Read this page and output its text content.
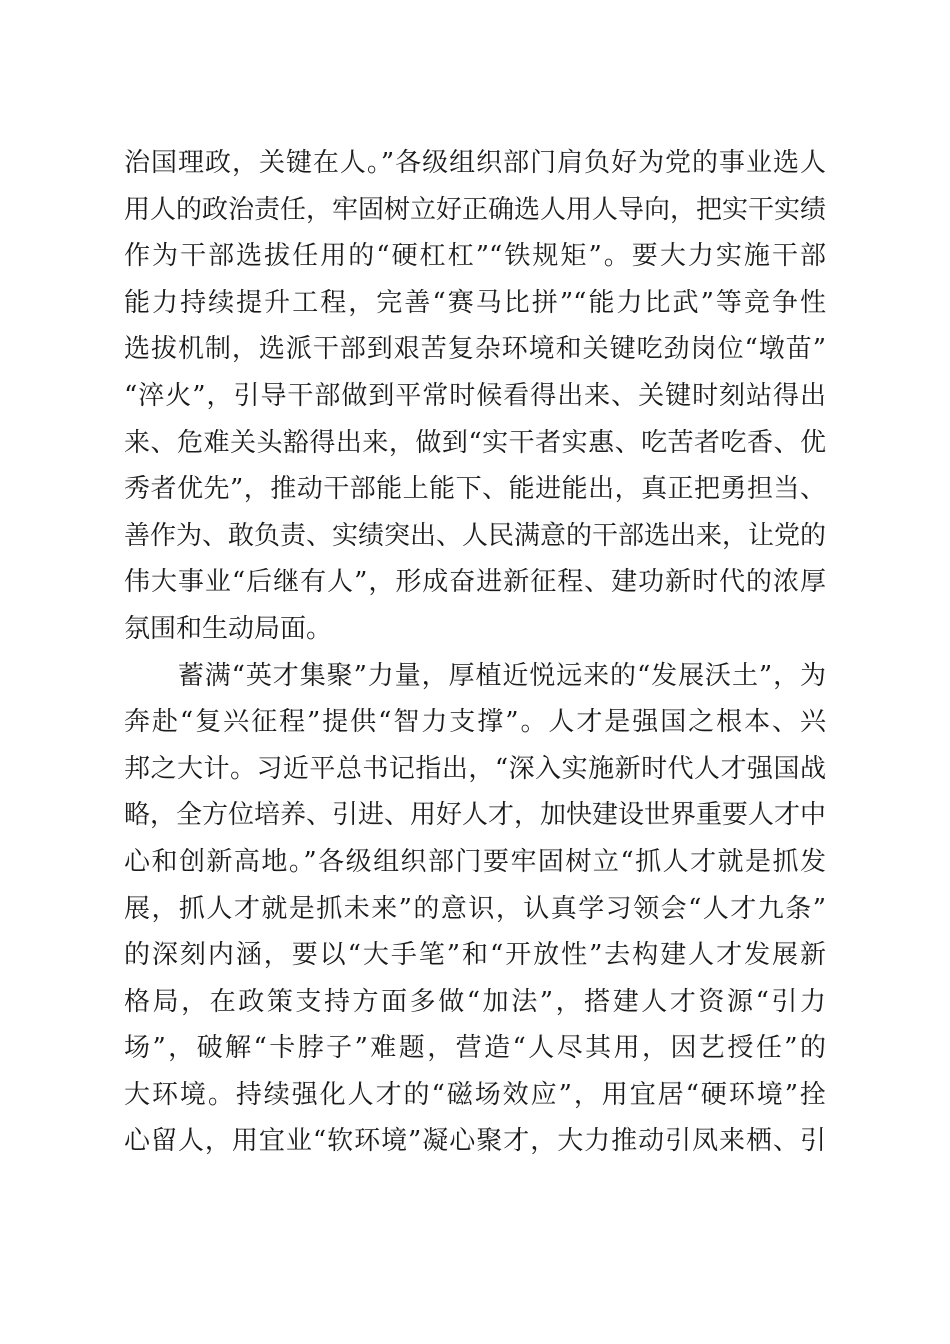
治国理政，关键在人。”各级组织部门肩负好为党的事业选人
用人的政治责任，牢固树立好正确选人用人导向，把实干实绩
作为干部选拔任用的“硬杠杠”“铁规矩”。要大力实施干部
能力持续提升工程，完善“赛马比拼”“能力比武”等竞争性
选拔机制，选派干部到艰苦复杂环境和关键吃劲岗位“墩苗”
“淬火”，引导干部做到平常时候看得出来、关键时刻站得出
来、危难关头豁得出来，做到“实干者实惠、吃苦者吃香、优
秀者优先”，推动干部能上能下、能进能出，真正把勇担当、
善作为、敢负责、实绩突出、人民满意的干部选出来，让党的
伟大事业“后继有人”，形成奋进新征程、建功新时代的浓厚
氛围和生动局面。
　　蓄满“英才集聚”力量，厚植近悦远来的“发展沃土”，为
奔赴“复兴征程”提供“智力支撑”。人才是强国之根本、兴
邦之大计。习近平总书记指出，“深入实施新时代人才强国战
略，全方位培养、引进、用好人才，加快建设世界重要人才中
心和创新高地。”各级组织部门要牢固树立“抓人才就是抓发
展，抓人才就是抓未来”的意识，认真学习领会“人才九条”
的深刻内涵，要以“大手笔”和“开放性”去构建人才发展新
格局，在政策支持方面多做“加法”，搭建人才资源“引力
场”，破解“卡脖子”难题，营造“人尽其用，因艺授任”的
大环境。持续强化人才的“磁场效应”，用宜居“硬环境”拴
心留人，用宜业“软环境”凝心聚才，大力推动引凤来栖、引
